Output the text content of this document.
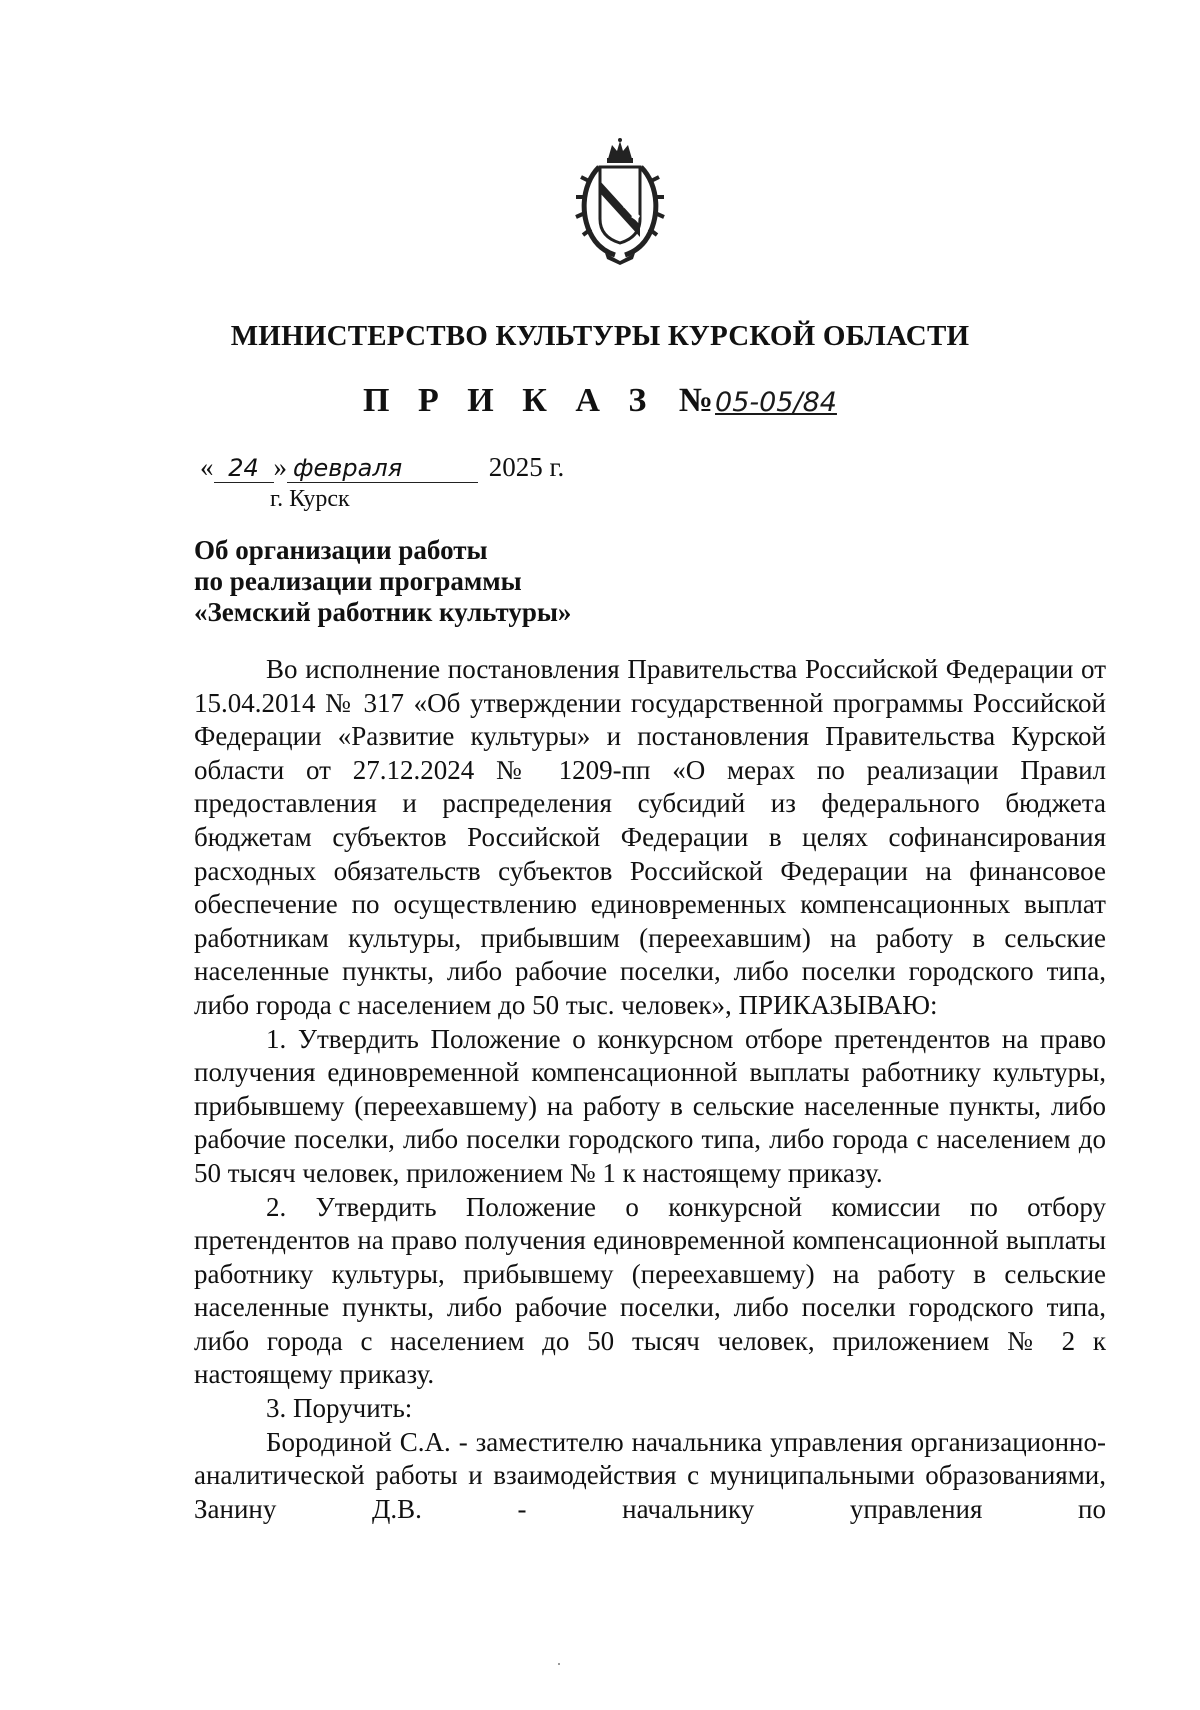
МИНИСТЕРСТВО КУЛЬТУРЫ КУРСКОЙ ОБЛАСТИ
П Р И К А З №05-05/84
« 24 » февраля	2025 г.
г. Курск
Об организации работы
по реализации программы
«Земский работник культуры»

Во исполнение постановления Правительства Российской Федерации от 15.04.2014 № 317 «Об утверждении государственной программы Российской Федерации «Развитие культуры» и постановления Правительства Курской области от 27.12.2024 № 1209-пп «О мерах по реализации Правил предоставления и распределения субсидий из федерального бюджета бюджетам субъектов Российской Федерации в целях софинансирования расходных обязательств субъектов Российской Федерации на финансовое обеспечение по осуществлению единовременных компенсационных выплат работникам культуры, прибывшим (переехавшим) на работу в сельские населенные пункты, либо рабочие поселки, либо поселки городского типа, либо города с населением до 50 тыс. человек», ПРИКАЗЫВАЮ:

1. Утвердить Положение о конкурсном отборе претендентов на право получения единовременной компенсационной выплаты работнику культуры, прибывшему (переехавшему) на работу в сельские населенные пункты, либо рабочие поселки, либо поселки городского типа, либо города с населением до 50 тысяч человек, приложением № 1 к настоящему приказу.

2. Утвердить Положение о конкурсной комиссии по отбору претендентов на право получения единовременной компенсационной выплаты работнику культуры, прибывшему (переехавшему) на работу в сельские населенные пункты, либо рабочие поселки, либо поселки городского типа, либо города с населением до 50 тысяч человек, приложением № 2 к настоящему приказу.

3. Поручить:

Бородиной С.А. - заместителю начальника управления организационно-аналитической работы и взаимодействия с муниципальными образованиями, Занину Д.В. - начальнику управления по
